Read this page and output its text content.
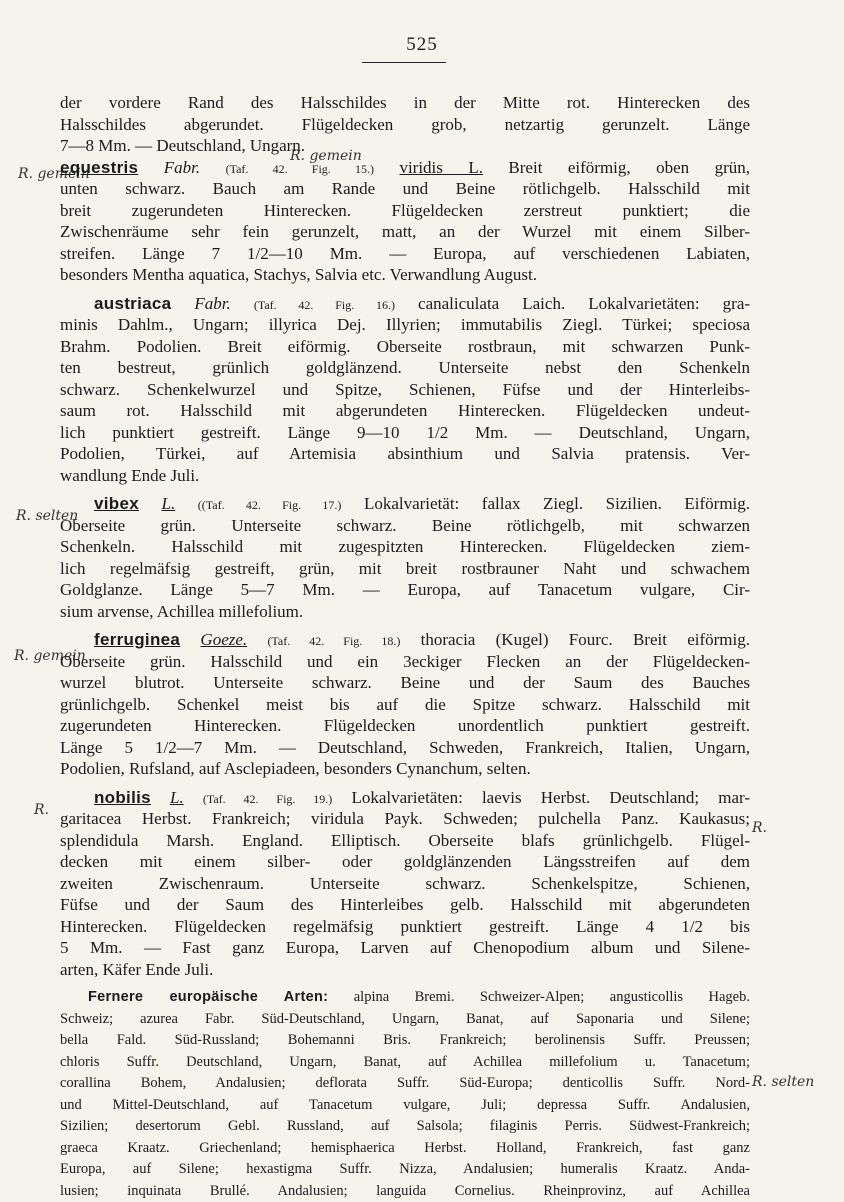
525
R. gemein
R. gemein
R. selten
R. gemein
R.
R.
R. selten
der vordere Rand des Halsschildes in der Mitte rot. Hinterecken des
Halsschildes abgerundet. Flügeldecken grob, netzartig gerunzelt. Länge
7—8 Mm. — Deutschland, Ungarn.
equestris Fabr. (Taf. 42. Fig. 15.) viridis L. Breit eiförmig, oben grün,
unten schwarz. Bauch am Rande und Beine rötlichgelb. Halsschild mit
breit zugerundeten Hinterecken. Flügeldecken zerstreut punktiert; die
Zwischenräume sehr fein gerunzelt, matt, an der Wurzel mit einem Silber-
streifen. Länge 7 1/2—10 Mm. — Europa, auf verschiedenen Labiaten,
besonders Mentha aquatica, Stachys, Salvia etc. Verwandlung August.
austriaca Fabr. (Taf. 42. Fig. 16.) canaliculata Laich. Lokalvarietäten: gra-
minis Dahlm., Ungarn; illyrica Dej. Illyrien; immutabilis Ziegl. Türkei; speciosa
Brahm. Podolien. Breit eiförmig. Oberseite rostbraun, mit schwarzen Punk-
ten bestreut, grünlich goldglänzend. Unterseite nebst den Schenkeln
schwarz. Schenkelwurzel und Spitze, Schienen, Füfse und der Hinterleibs-
saum rot. Halsschild mit abgerundeten Hinterecken. Flügeldecken undeut-
lich punktiert gestreift. Länge 9—10 1/2 Mm. — Deutschland, Ungarn,
Podolien, Türkei, auf Artemisia absinthium und Salvia pratensis. Ver-
wandlung Ende Juli.
vibex L. ((Taf. 42. Fig. 17.) Lokalvarietät: fallax Ziegl. Sizilien. Eiförmig.
Oberseite grün. Unterseite schwarz. Beine rötlichgelb, mit schwarzen
Schenkeln. Halsschild mit zugespitzten Hinterecken. Flügeldecken ziem-
lich regelmäfsig gestreift, grün, mit breit rostbrauner Naht und schwachem
Goldglanze. Länge 5—7 Mm. — Europa, auf Tanacetum vulgare, Cir-
sium arvense, Achillea millefolium.
ferruginea Goeze. (Taf. 42. Fig. 18.) thoracia (Kugel) Fourc. Breit eiförmig.
Oberseite grün. Halsschild und ein 3eckiger Flecken an der Flügeldecken-
wurzel blutrot. Unterseite schwarz. Beine und der Saum des Bauches
grünlichgelb. Schenkel meist bis auf die Spitze schwarz. Halsschild mit
zugerundeten Hinterecken. Flügeldecken unordentlich punktiert gestreift.
Länge 5 1/2—7 Mm. — Deutschland, Schweden, Frankreich, Italien, Ungarn,
Podolien, Rufsland, auf Asclepiadeen, besonders Cynanchum, selten.
nobilis L. (Taf. 42. Fig. 19.) Lokalvarietäten: laevis Herbst. Deutschland; mar-
garitacea Herbst. Frankreich; viridula Payk. Schweden; pulchella Panz. Kaukasus;
splendidula Marsh. England. Elliptisch. Oberseite blafs grünlichgelb. Flügel-
decken mit einem silber- oder goldglänzenden Längsstreifen auf dem
zweiten Zwischenraum. Unterseite schwarz. Schenkelspitze, Schienen,
Füfse und der Saum des Hinterleibes gelb. Halsschild mit abgerundeten
Hinterecken. Flügeldecken regelmäfsig punktiert gestreift. Länge 4 1/2 bis
5 Mm. — Fast ganz Europa, Larven auf Chenopodium album und Silene-
arten, Käfer Ende Juli.
Fernere europäische Arten: alpina Bremi. Schweizer-Alpen; angusticollis Hageb.
Schweiz; azurea Fabr. Süd-Deutschland, Ungarn, Banat, auf Saponaria und Silene;
bella Fald. Süd-Russland; Bohemanni Bris. Frankreich; berolinensis Suffr. Preussen;
chloris Suffr. Deutschland, Ungarn, Banat, auf Achillea millefolium u. Tanacetum;
corallina Bohem, Andalusien; deflorata Suffr. Süd-Europa; denticollis Suffr. Nord-
und Mittel-Deutschland, auf Tanacetum vulgare, Juli; depressa Suffr. Andalusien,
Sizilien; desertorum Gebl. Russland, auf Salsola; filaginis Perris. Südwest-Frankreich;
graeca Kraatz. Griechenland; hemisphaerica Herbst. Holland, Frankreich, fast ganz
Europa, auf Silene; hexastigma Suffr. Nizza, Andalusien; humeralis Kraatz. Anda-
lusien; inquinata Brullé. Andalusien; languida Cornelius. Rheinprovinz, auf Achillea
